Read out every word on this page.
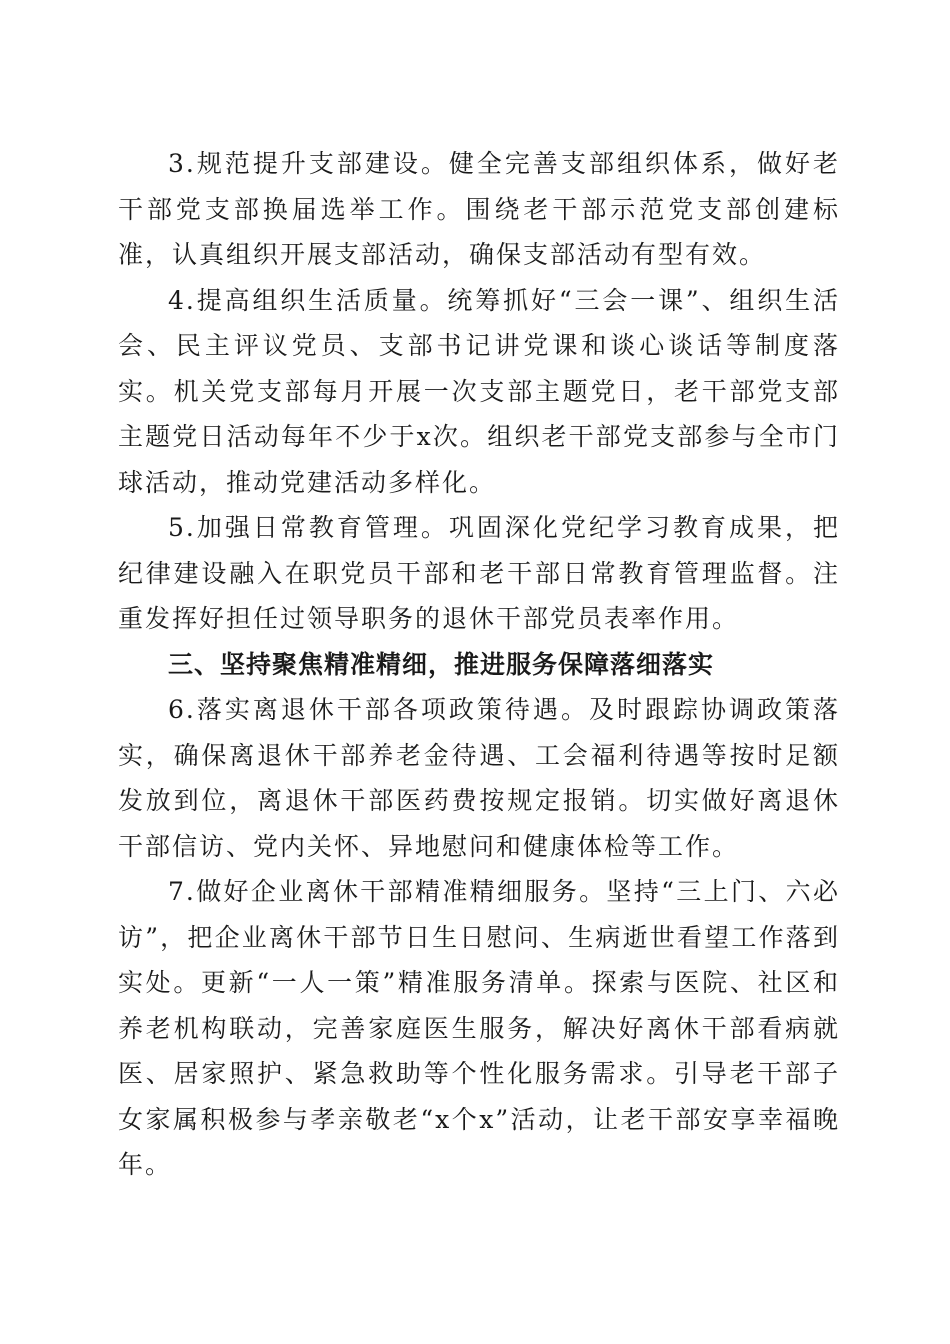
3.规范提升支部建设。健全完善支部组织体系，做好老干部党支部换届选举工作。围绕老干部示范党支部创建标准，认真组织开展支部活动，确保支部活动有型有效。

4.提高组织生活质量。统筹抓好“三会一课”、组织生活会、民主评议党员、支部书记讲党课和谈心谈话等制度落实。机关党支部每月开展一次支部主题党日，老干部党支部主题党日活动每年不少于x次。组织老干部党支部参与全市门球活动，推动党建活动多样化。

5.加强日常教育管理。巩固深化党纪学习教育成果，把纪律建设融入在职党员干部和老干部日常教育管理监督。注重发挥好担任过领导职务的退休干部党员表率作用。

三、坚持聚焦精准精细，推进服务保障落细落实

6.落实离退休干部各项政策待遇。及时跟踪协调政策落实，确保离退休干部养老金待遇、工会福利待遇等按时足额发放到位，离退休干部医药费按规定报销。切实做好离退休干部信访、党内关怀、异地慰问和健康体检等工作。

7.做好企业离休干部精准精细服务。坚持“三上门、六必访”，把企业离休干部节日生日慰问、生病逝世看望工作落到实处。更新“一人一策”精准服务清单。探索与医院、社区和养老机构联动，完善家庭医生服务，解决好离休干部看病就医、居家照护、紧急救助等个性化服务需求。引导老干部子女家属积极参与孝亲敬老“x个x”活动，让老干部安享幸福晚年。
